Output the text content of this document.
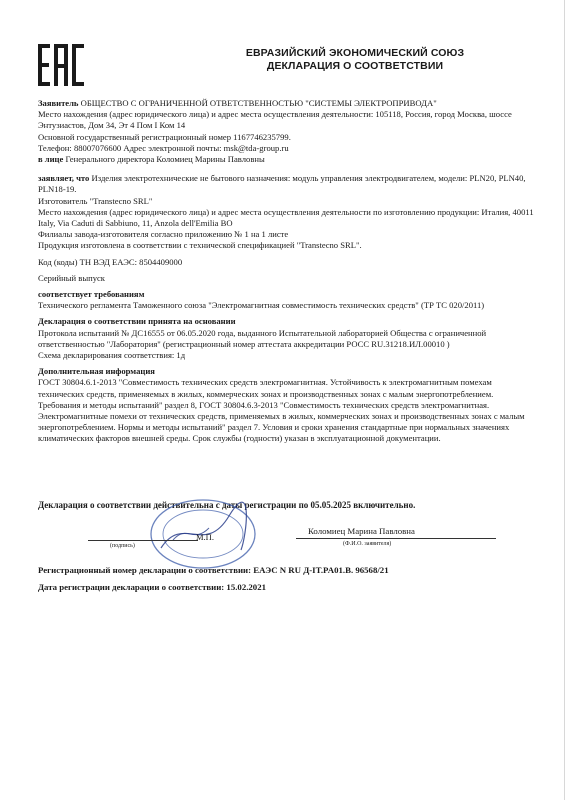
ЕВРАЗИЙСКИЙ ЭКОНОМИЧЕСКИЙ СОЮЗ
ДЕКЛАРАЦИЯ О СООТВЕТСТВИИ

Заявитель ОБЩЕСТВО С ОГРАНИЧЕННОЙ ОТВЕТСТВЕННОСТЬЮ "СИСТЕМЫ ЭЛЕКТРОПРИВОДА"

Место нахождения (адрес юридического лица) и адрес места осуществления деятельности: 105118, Россия, город Москва, шоссе Энтузиастов, Дом 34, Эт 4 Пом I Ком 14

Основной государственный регистрационный номер 1167746235799.

Телефон: 88007076600 Адрес электронной почты: msk@tda-group.ru

в лице Генерального директора Коломиец Марины Павловны

заявляет, что Изделия электротехнические не бытового назначения: модуль управления электродвигателем, модели: PLN20, PLN40, PLN18-19.

Изготовитель "Transtecno SRL"

Место нахождения (адрес юридического лица) и адрес места осуществления деятельности по изготовлению продукции: Италия, 40011 Italy, Via Caduti di Sabbiuno, 11, Anzola dell'Emilia BO

Филиалы завода-изготовителя согласно приложению № 1 на 1 листе

Продукция изготовлена в соответствии с технической спецификацией "Transtecno SRL".

Код (коды) ТН ВЭД ЕАЭС: 8504409000

Серийный выпуск

соответствует требованиям

Технического регламента Таможенного союза "Электромагнитная совместимость технических средств" (ТР ТС 020/2011)

Декларация о соответствии принята на основании

Протокола испытаний № ДС16555 от 06.05.2020 года, выданного Испытательной лабораторией Общества с ограниченной ответственностью "Лаборатория" (регистрационный номер аттестата аккредитации РОСС RU.31218.ИЛ.00010 )

Схема декларирования соответствия: 1д

Дополнительная информация

ГОСТ 30804.6.1-2013 "Совместимость технических средств электромагнитная. Устойчивость к электромагнитным помехам технических средств, применяемых в жилых, коммерческих зонах и производственных зонах с малым энергопотреблением. Требования и методы испытаний" раздел 8, ГОСТ 30804.6.3-2013 "Совместимость технических средств электромагнитная. Электромагнитные помехи от технических средств, применяемых в жилых, коммерческих зонах и производственных зонах с малым энергопотреблением. Нормы и методы испытаний" раздел 7. Условия и сроки хранения стандартные при нормальных значениях климатических факторов внешней среды. Срок службы (годности) указан в эксплуатационной документации.

Декларация о соответствии действительна с даты регистрации по 05.05.2025 включительно.
(подпись)
М.П.
Коломиец Марина Павловна
(Ф.И.О. заявителя)
Регистрационный номер декларации о соответствии: ЕАЭС N RU Д-IT.PA01.B. 96568/21
Дата регистрации декларации о соответствии: 15.02.2021
